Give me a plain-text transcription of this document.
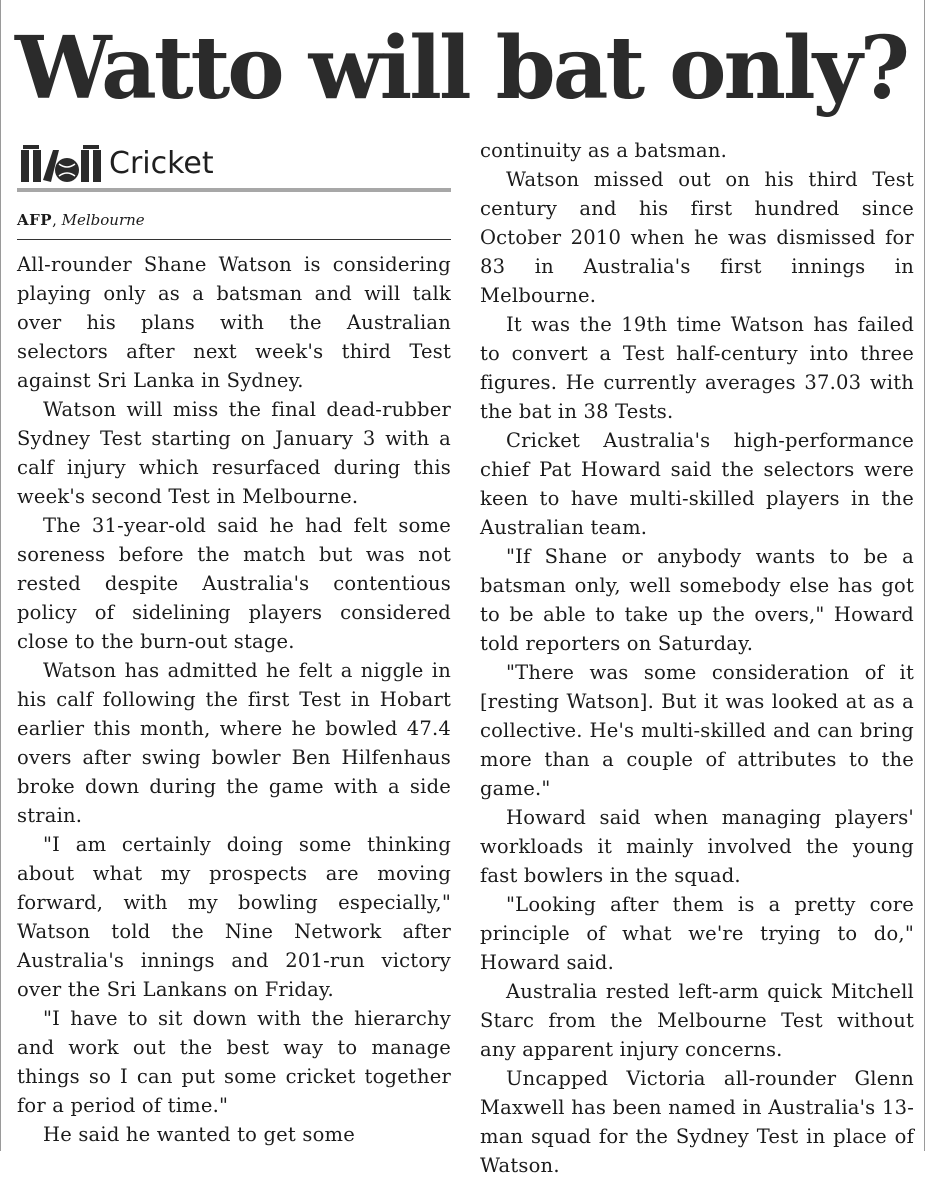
Watto will bat only?
Cricket
AFP, Melbourne

All-rounder Shane Watson is considering playing only as a batsman and will talk over his plans with the Australian selectors after next week's third Test against Sri Lanka in Sydney.

Watson will miss the final dead-rubber Sydney Test starting on January 3 with a calf injury which resurfaced during this week's second Test in Melbourne.

The 31-year-old said he had felt some soreness before the match but was not rested despite Australia's contentious policy of sidelining players considered close to the burn-out stage.

Watson has admitted he felt a niggle in his calf following the first Test in Hobart earlier this month, where he bowled 47.4 overs after swing bowler Ben Hilfenhaus broke down during the game with a side strain.

"I am certainly doing some thinking about what my prospects are moving forward, with my bowling especially," Watson told the Nine Network after Australia's innings and 201-run victory over the Sri Lankans on Friday.

"I have to sit down with the hierarchy and work out the best way to manage things so I can put some cricket together for a period of time."

He said he wanted to get some

continuity as a batsman.

Watson missed out on his third Test century and his first hundred since October 2010 when he was dismissed for 83 in Australia's first innings in Melbourne.

It was the 19th time Watson has failed to convert a Test half-century into three figures. He currently averages 37.03 with the bat in 38 Tests.

Cricket Australia's high-performance chief Pat Howard said the selectors were keen to have multi-skilled players in the Australian team.

"If Shane or anybody wants to be a batsman only, well somebody else has got to be able to take up the overs," Howard told reporters on Saturday.

"There was some consideration of it [resting Watson]. But it was looked at as a collective. He's multi-skilled and can bring more than a couple of attributes to the game."

Howard said when managing players' workloads it mainly involved the young fast bowlers in the squad.

"Looking after them is a pretty core principle of what we're trying to do," Howard said.

Australia rested left-arm quick Mitchell Starc from the Melbourne Test without any apparent injury concerns.

Uncapped Victoria all-rounder Glenn Maxwell has been named in Australia's 13-man squad for the Sydney Test in place of Watson.
